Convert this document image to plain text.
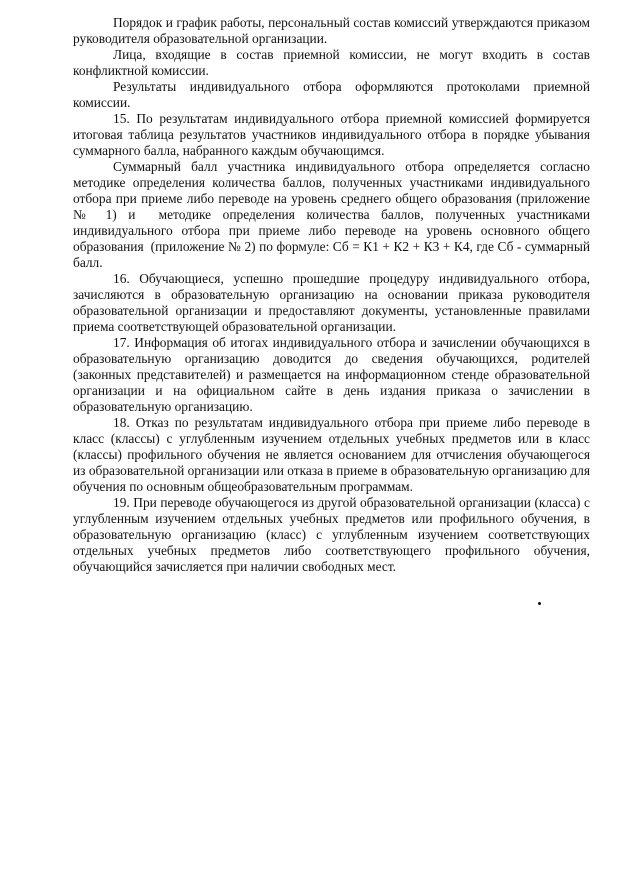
Порядок и график работы, персональный состав комиссий утверждаются приказом руководителя образовательной организации.

Лица, входящие в состав приемной комиссии, не могут входить в состав конфликтной комиссии.

Результаты индивидуального отбора оформляются протоколами приемной комиссии.

15. По результатам индивидуального отбора приемной комиссией формируется итоговая таблица результатов участников индивидуального отбора в порядке убывания суммарного балла, набранного каждым обучающимся.

Суммарный балл участника индивидуального отбора определяется согласно методике определения количества баллов, полученных участниками индивидуального отбора при приеме либо переводе на уровень среднего общего образования (приложение № 1) и  методике определения количества баллов, полученных участниками индивидуального отбора при приеме либо переводе на уровень основного общего образования  (приложение № 2) по формуле: Сб = К1 + К2 + К3 + К4, где Сб - суммарный балл.

16. Обучающиеся, успешно прошедшие процедуру индивидуального отбора, зачисляются в образовательную организацию на основании приказа руководителя образовательной организации и предоставляют документы, установленные правилами приема соответствующей образовательной организации.

17. Информация об итогах индивидуального отбора и зачислении обучающихся в образовательную организацию доводится до сведения обучающихся, родителей (законных представителей) и размещается на информационном стенде образовательной организации и на официальном сайте в день издания приказа о зачислении в образовательную организацию.

18. Отказ по результатам индивидуального отбора при приеме либо переводе в класс (классы) с углубленным изучением отдельных учебных предметов или в класс (классы) профильного обучения не является основанием для отчисления обучающегося из образовательной организации или отказа в приеме в образовательную организацию для обучения по основным общеобразовательным программам.

19. При переводе обучающегося из другой образовательной организации (класса) с углубленным изучением отдельных учебных предметов или профильного обучения, в образовательную организацию (класс) с углубленным изучением соответствующих отдельных учебных предметов либо соответствующего профильного обучения, обучающийся зачисляется при наличии свободных мест.
